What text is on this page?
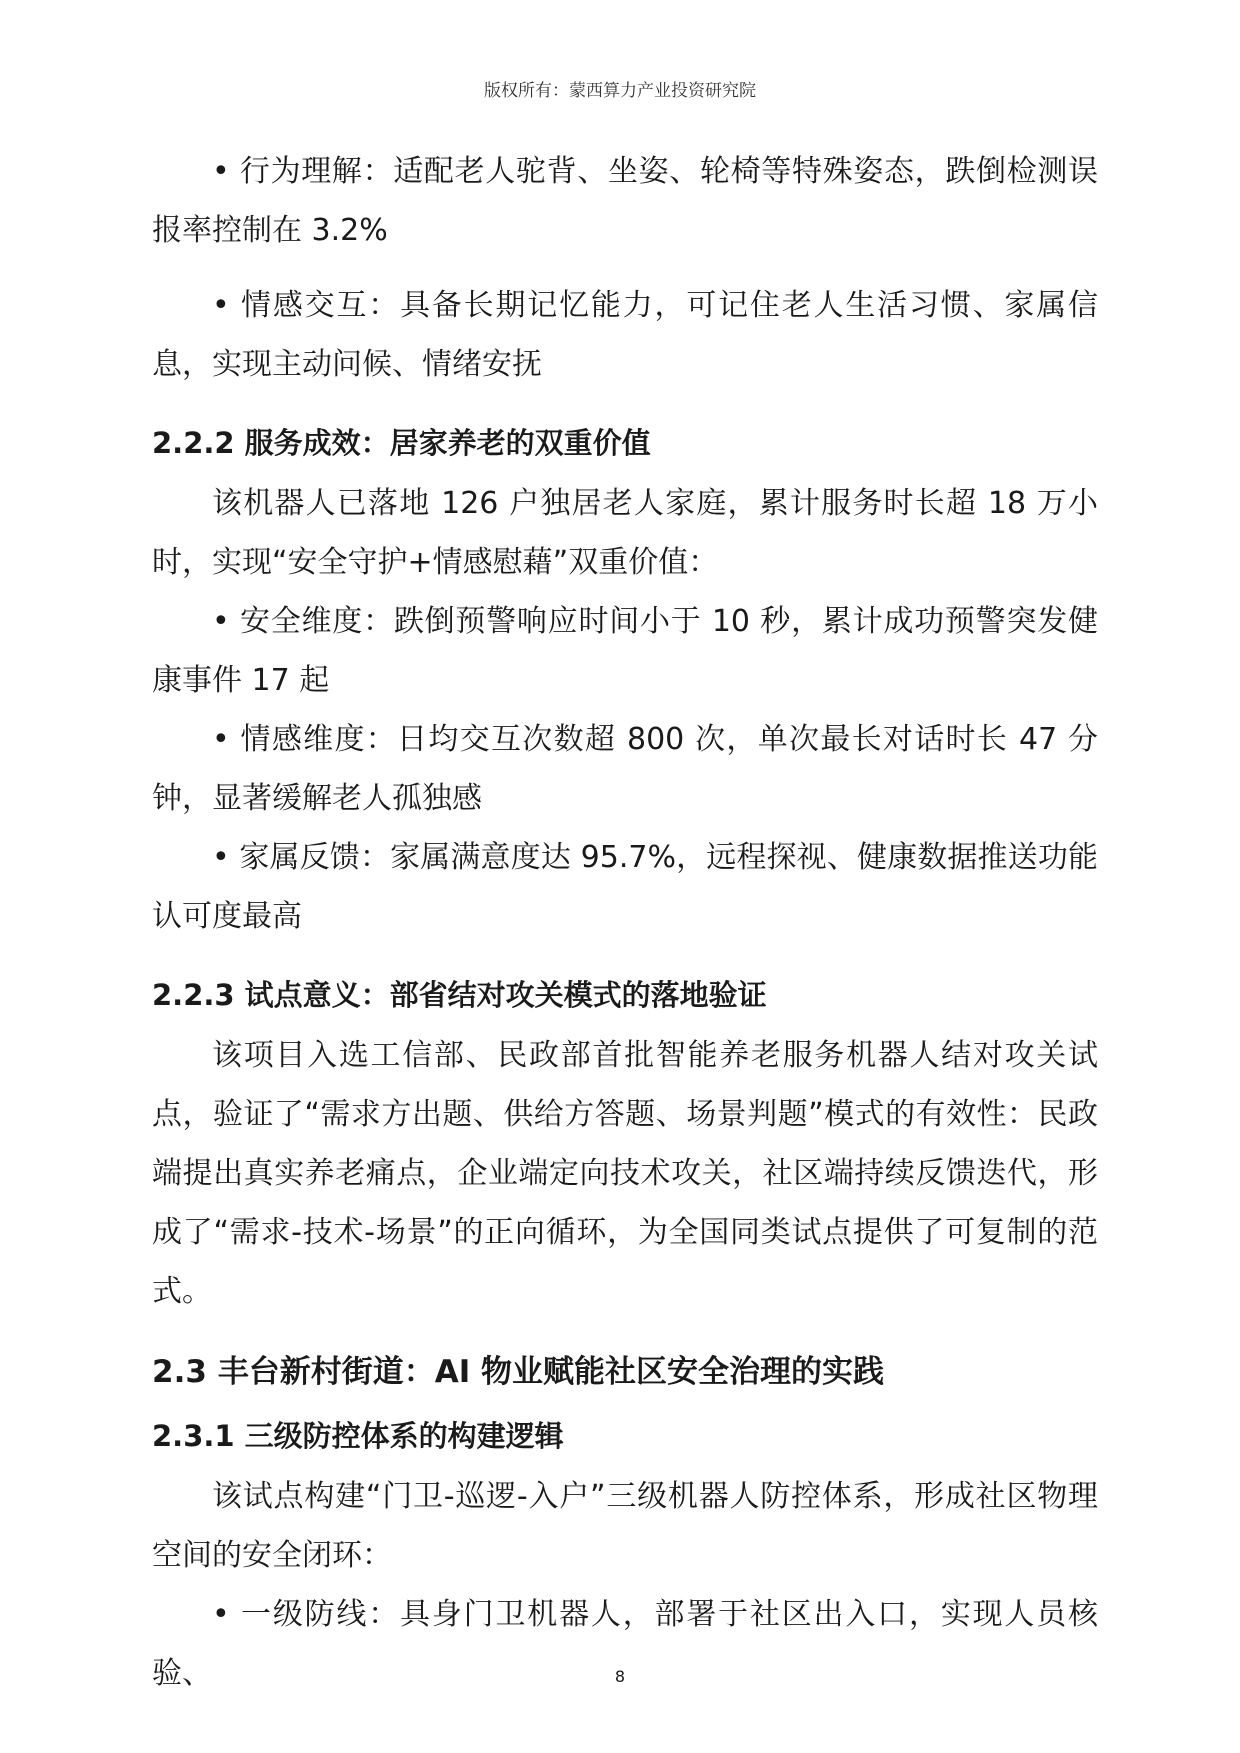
版权所有：蒙西算力产业投资研究院

• 行为理解：适配老人驼背、坐姿、轮椅等特殊姿态，跌倒检测误报率控制在 3.2%

• 情感交互：具备长期记忆能力，可记住老人生活习惯、家属信息，实现主动问候、情绪安抚

2.2.2 服务成效：居家养老的双重价值

该机器人已落地 126 户独居老人家庭，累计服务时长超 18 万小时，实现“安全守护+情感慰藉”双重价值：

• 安全维度：跌倒预警响应时间小于 10 秒，累计成功预警突发健康事件 17 起

• 情感维度：日均交互次数超 800 次，单次最长对话时长 47 分钟，显著缓解老人孤独感

• 家属反馈：家属满意度达 95.7%，远程探视、健康数据推送功能认可度最高

2.2.3 试点意义：部省结对攻关模式的落地验证

该项目入选工信部、民政部首批智能养老服务机器人结对攻关试点，验证了“需求方出题、供给方答题、场景判题”模式的有效性：民政端提出真实养老痛点，企业端定向技术攻关，社区端持续反馈迭代，形成了“需求-技术-场景”的正向循环，为全国同类试点提供了可复制的范式。

2.3 丰台新村街道：AI 物业赋能社区安全治理的实践
2.3.1 三级防控体系的构建逻辑

该试点构建“门卫-巡逻-入户”三级机器人防控体系，形成社区物理空间的安全闭环：

• 一级防线：具身门卫机器人，部署于社区出入口，实现人员核验、	8
